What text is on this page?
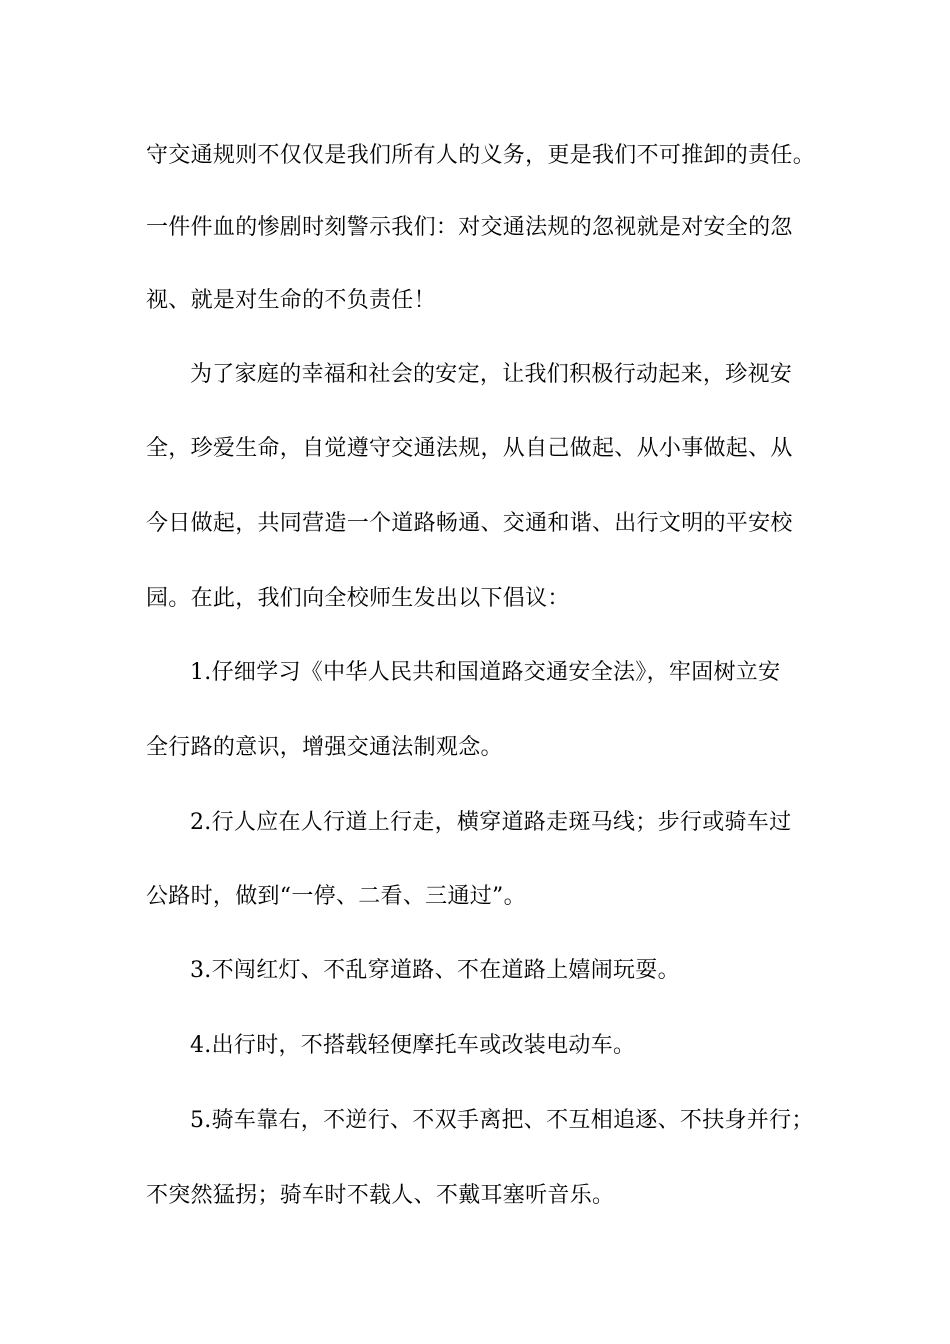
守交通规则不仅仅是我们所有人的义务，更是我们不可推卸的责任。
一件件血的惨剧时刻警示我们：对交通法规的忽视就是对安全的忽
视、就是对生命的不负责任！
为了家庭的幸福和社会的安定，让我们积极行动起来，珍视安
全，珍爱生命，自觉遵守交通法规，从自己做起、从小事做起、从
今日做起，共同营造一个道路畅通、交通和谐、出行文明的平安校
园。在此，我们向全校师生发出以下倡议：
1.仔细学习《中华人民共和国道路交通安全法》，牢固树立安
全行路的意识，增强交通法制观念。
2.行人应在人行道上行走，横穿道路走斑马线；步行或骑车过
公路时，做到“一停、二看、三通过”。
3.不闯红灯、不乱穿道路、不在道路上嬉闹玩耍。
4.出行时，不搭载轻便摩托车或改装电动车。
5.骑车靠右，不逆行、不双手离把、不互相追逐、不扶身并行；
不突然猛拐；骑车时不载人、不戴耳塞听音乐。
